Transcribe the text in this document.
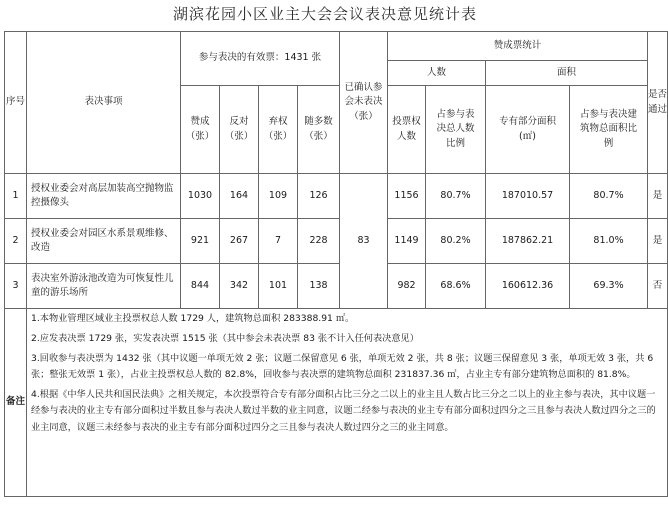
湖滨花园小区业主大会会议表决意见统计表
序号	表决事项	参与表决的有效票：1431 张				已确认参会未表决（张）	赞成票统计				是否通过
							人数		面积		
		赞成（张）	反对（张）	弃权（张）	随多数（张）		投票权人数	占参与表决总人数比例	专有部分面积(㎡)	占参与表决建筑物总面积比例	
1	授权业委会对高层加装高空抛物监控摄像头	1030	164	109	126	83	1156	80.7%	187010.57	80.7%	是
2	授权业委会对园区水系景观维修、改造	921	267	7	228		1149	80.2%	187862.21	81.0%	是
3	表决室外游泳池改造为可恢复性儿童的游乐场所	844	342	101	138		982	68.6%	160612.36	69.3%	否
备注	1.本物业管理区域业主投票权总人数 1729 人，建筑物总面积 283388.91 ㎡。

2.应发表决票 1729 张，实发表决票 1515 张（其中参会未表决票 83 张不计入任何表决意见）

3.回收参与表决票为 1432 张（其中议题一单项无效 2 张；议题二保留意见 6 张，单项无效 2 张，共 8 张；议题三保留意见 3 张，单项无效 3 张，共 6 张；整张无效票 1 张），占业主投票权总人数的 82.8%，回收参与表决票的建筑物总面积 231837.36 ㎡，占业主专有部分建筑物总面积的 81.8%。

4.根据《中华人民共和国民法典》之相关规定，本次投票符合专有部分面积占比三分之二以上的业主且人数占比三分之二以上的业主参与表决，其中议题一经参与表决的业主专有部分面积过半数且参与表决人数过半数的业主同意，议题二经参与表决的业主专有部分面积过四分之三且参与表决人数过四分之三的业主同意，议题三未经参与表决的业主专有部分面积过四分之三且参与表决人数过四分之三的业主同意。										
